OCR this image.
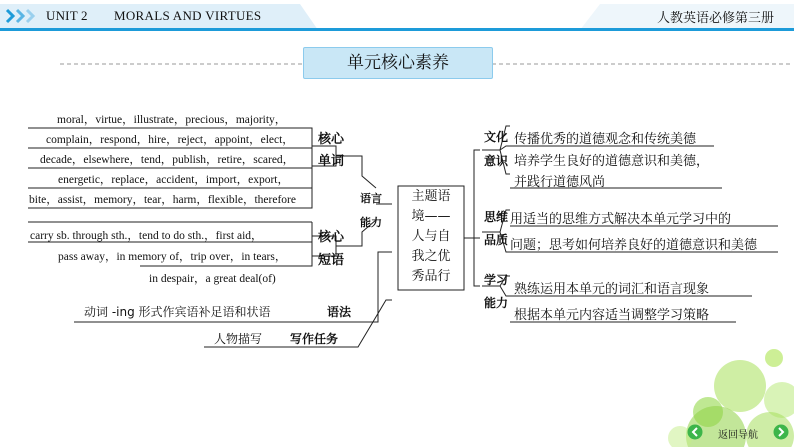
UNIT 2 MORALS AND VIRTUES	人教英语必修第三册
单元核心素养
moral，virtue，illustrate，precious，majority，
complain，respond，hire，reject，appoint，elect，
decade，elsewhere，tend，publish，retire，scared，
energetic，replace，accident，import，export，
bite，assist，memory，tear，harm，flexible，therefore
核心
单词
carry sb. through sth.，tend to do sth.，first aid，
pass away，in memory of，trip over，in tears，
in despair，a great deal(of)
核心
短语
语言
能力
动词 -ing 形式作宾语补足语和状语	语法
人物描写 写作任务
主题语
境——
人与自
我之优
秀品行
文化
意识
传播优秀的道德观念和传统美德
培养学生良好的道德意识和美德，
并践行道德风尚
思维
品质
用适当的思维方式解决本单元学习中的
问题；思考如何培养良好的道德意识和美德
学习
能力
熟练运用本单元的词汇和语言现象
根据本单元内容适当调整学习策略
返回导航
